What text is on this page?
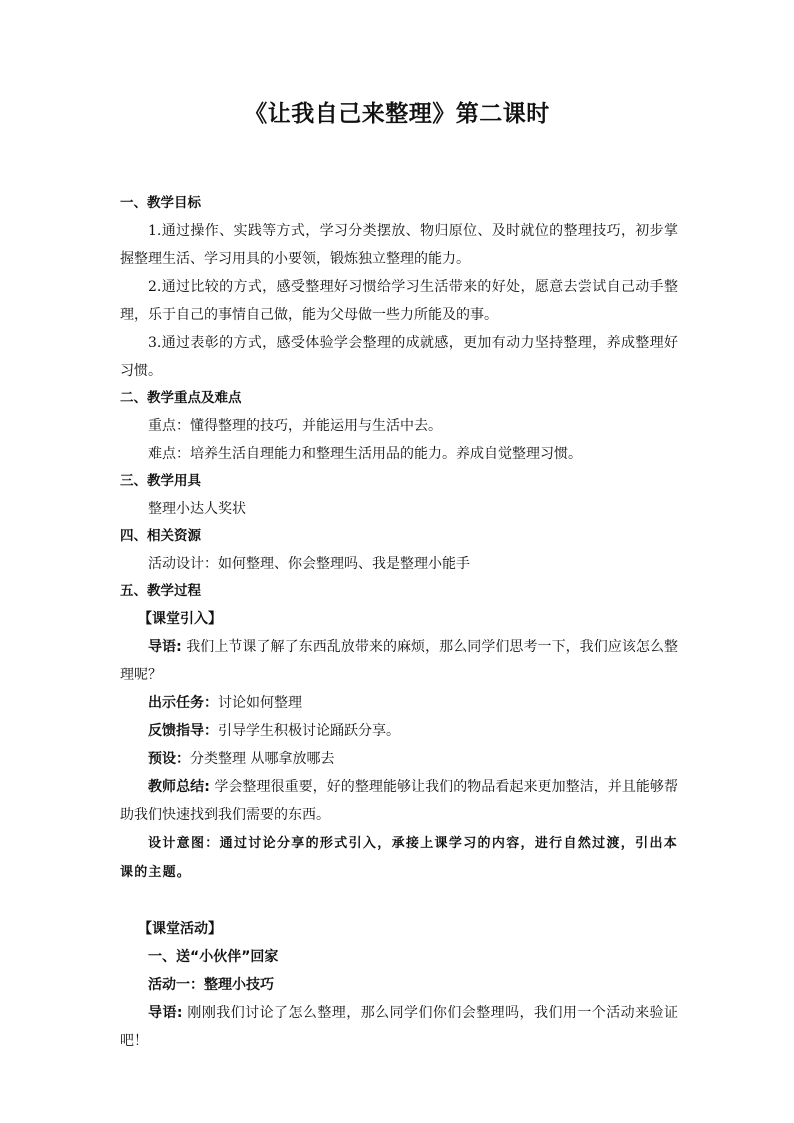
《让我自己来整理》第二课时

一、教学目标

1.通过操作、实践等方式，学习分类摆放、物归原位、及时就位的整理技巧，初步掌握整理生活、学习用具的小要领，锻炼独立整理的能力。

2.通过比较的方式，感受整理好习惯给学习生活带来的好处，愿意去尝试自己动手整理，乐于自己的事情自己做，能为父母做一些力所能及的事。

3.通过表彰的方式，感受体验学会整理的成就感，更加有动力坚持整理，养成整理好习惯。

二、教学重点及难点

重点：懂得整理的技巧，并能运用与生活中去。

难点：培养生活自理能力和整理生活用品的能力。养成自觉整理习惯。

三、教学用具

整理小达人奖状

四、相关资源

活动设计：如何整理、你会整理吗、我是整理小能手

五、教学过程

【课堂引入】

导语: 我们上节课了解了东西乱放带来的麻烦，那么同学们思考一下，我们应该怎么整理呢？

出示任务：讨论如何整理

反馈指导：引导学生积极讨论踊跃分享。

预设：分类整理 从哪拿放哪去

教师总结: 学会整理很重要，好的整理能够让我们的物品看起来更加整洁，并且能够帮助我们快速找到我们需要的东西。

设计意图：通过讨论分享的形式引入，承接上课学习的内容，进行自然过渡，引出本课的主题。

【课堂活动】

一、送“小伙伴”回家

活动一：整理小技巧

导语: 刚刚我们讨论了怎么整理，那么同学们你们会整理吗，我们用一个活动来验证吧！
